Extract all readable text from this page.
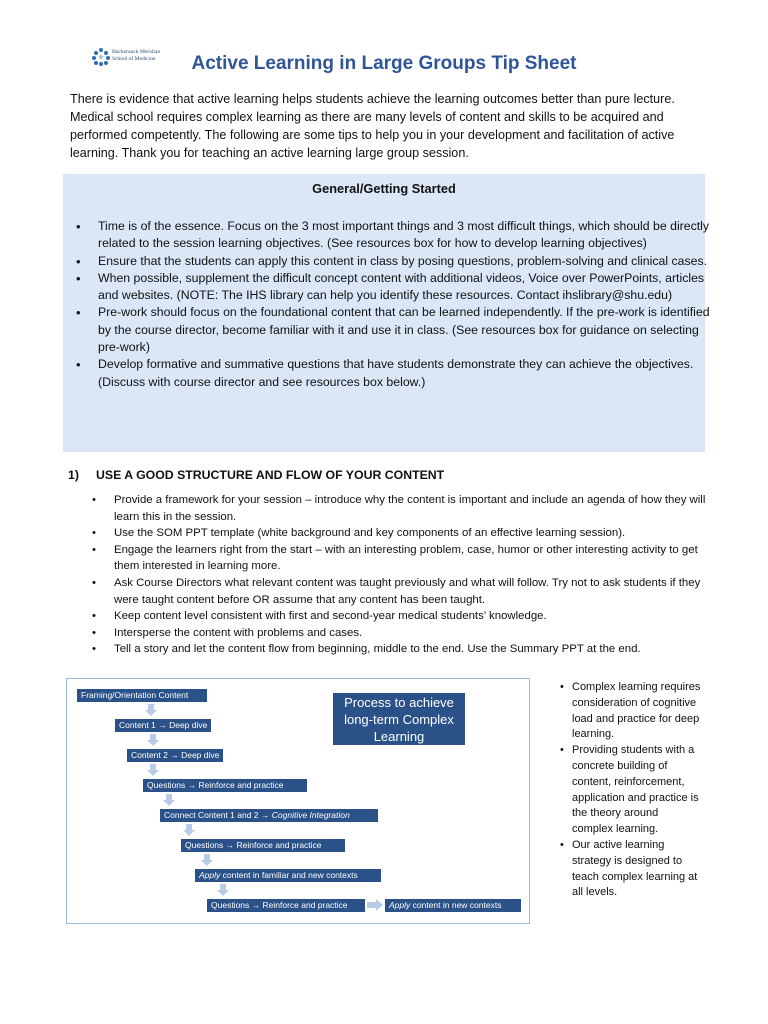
Hackensack Meridian
School of Medicine	Active Learning in Large Groups Tip Sheet

There is evidence that active learning helps students achieve the learning outcomes better than pure lecture. Medical school requires complex learning as there are many levels of content and skills to be acquired and performed competently. The following are some tips to help you in your development and facilitation of active learning. Thank you for teaching an active learning large group session.

General/Getting Started
• Time is of the essence. Focus on the 3 most important things and 3 most difficult things, which should be directly related to the session learning objectives. (See resources box for how to develop learning objectives)
• Ensure that the students can apply this content in class by posing questions, problem-solving and clinical cases.
• When possible, supplement the difficult concept content with additional videos, Voice over PowerPoints, articles and websites. (NOTE: The IHS library can help you identify these resources. Contact ihslibrary@shu.edu)
• Pre-work should focus on the foundational content that can be learned independently. If the pre-work is identified by the course director, become familiar with it and use it in class. (See resources box for guidance on selecting pre-work)
• Develop formative and summative questions that have students demonstrate they can achieve the objectives. (Discuss with course director and see resources box below.)
1) USE A GOOD STRUCTURE AND FLOW OF YOUR CONTENT
• Provide a framework for your session – introduce why the content is important and include an agenda of how they will learn this in the session.
• Use the SOM PPT template (white background and key components of an effective learning session).
• Engage the learners right from the start – with an interesting problem, case, humor or other interesting activity to get them interested in learning more.
• Ask Course Directors what relevant content was taught previously and what will follow. Try not to ask students if they were taught content before OR assume that any content has been taught.
• Keep content level consistent with first and second-year medical students’ knowledge.
• Intersperse the content with problems and cases.
• Tell a story and let the content flow from beginning, middle to the end. Use the Summary PPT at the end.
Process to achieve long-term Complex Learning
Framing/Orientation Content
Content 1 → Deep dive
Content 2 → Deep dive
Questions → Reinforce and practice
Connect Content 1 and 2 → Cognitive Integration
Questions → Reinforce and practice
Apply content in familiar and new contexts
Questions → Reinforce and practice	Apply content in new contexts
• Complex learning requires consideration of cognitive load and practice for deep learning.
• Providing students with a concrete building of content, reinforcement, application and practice is the theory around complex learning.
• Our active learning strategy is designed to teach complex learning at all levels.
